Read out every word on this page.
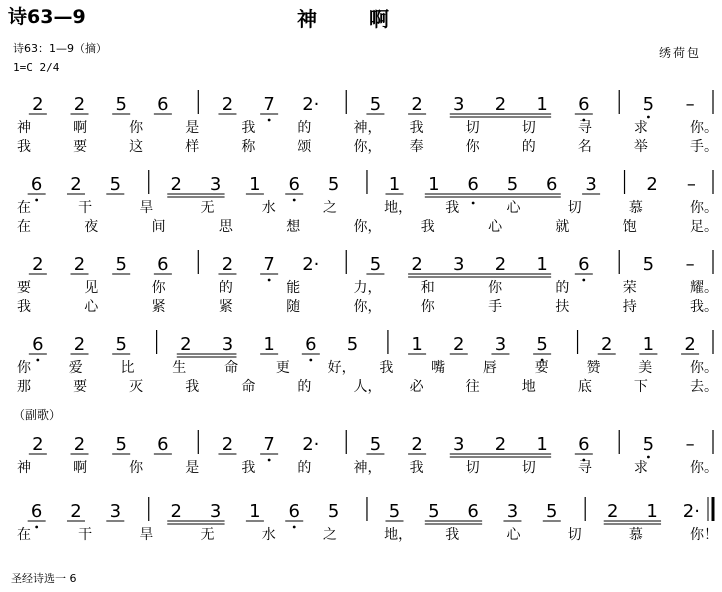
诗63—9	神啊
诗63：1—9（摘）
1=C 2/4
绣荷包
（副歌）
圣经诗选一 6
2 2 5 6	2 7 2·	5 2 3 2 1 6	5 –
神	啊	你	是	我	的	神， 我	切	切	寻	求	你。
我	要	这	样	称	颂	你， 奉	你	的	名	举	手。
6 2 5	2 3 1 6 5	1 1 6 5 6 3	2 –
在	干	旱	无	水	之	地， 我	心	切	慕	你。
在	夜	间	思	想	你，	我	心	就	饱	足。
2 2 5 6	2 7 2·	5 2 3 2 1 6	5 –
要	见	你	的	能	力，	和	你	的	荣	耀。
我	心	紧	紧	随	你，	你	手	扶	持	我。
6 2 5	2 3 1 6 5	1 2 3 5	2 1 2
你	爱	比	生	命	更	好， 我	嘴	唇	要	赞	美	你。
那	要	灭	我	命	的	人， 必	往	地	底	下	去。
2 2 5 6	2 7 2·	5 2 3 2 1 6	5 –
神	啊	你	是	我	的	神， 我	切	切	寻	求	你。
6 2 3	2 3 1 6 5	5 5 6 3 5	2 1 2·
在	干	旱	无	水	之	地， 我	心	切	慕	你！
